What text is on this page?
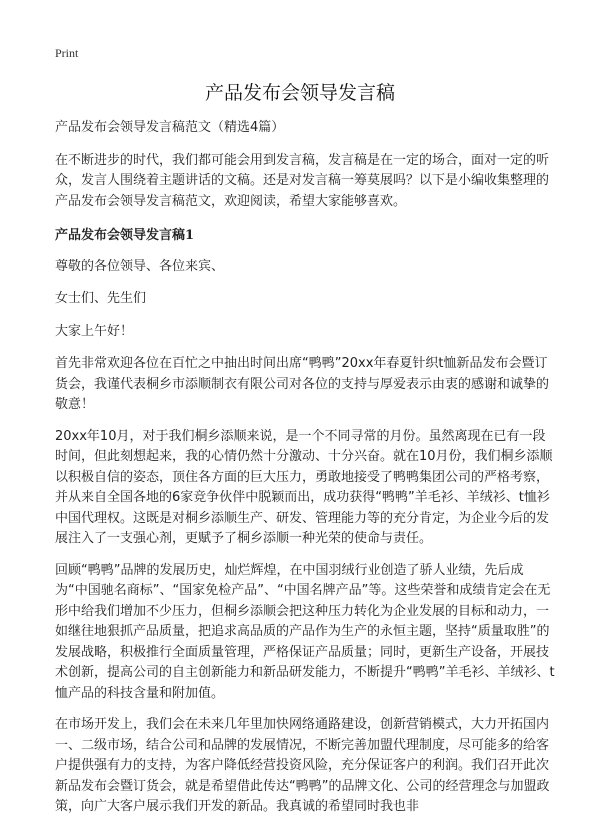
Print
产品发布会领导发言稿

产品发布会领导发言稿范文（精选4篇）

在不断进步的时代，我们都可能会用到发言稿，发言稿是在一定的场合，面对一定的听众，发言人围绕着主题讲话的文稿。还是对发言稿一筹莫展吗？以下是小编收集整理的产品发布会领导发言稿范文，欢迎阅读，希望大家能够喜欢。

产品发布会领导发言稿1

尊敬的各位领导、各位来宾、

女士们、先生们

大家上午好！

首先非常欢迎各位在百忙之中抽出时间出席“鸭鸭”20xx年春夏针织t恤新品发布会暨订货会，我谨代表桐乡市添顺制衣有限公司对各位的支持与厚爱表示由衷的感谢和诚挚的敬意！

20xx年10月，对于我们桐乡添顺来说，是一个不同寻常的月份。虽然离现在已有一段时间，但此刻想起来，我的心情仍然十分激动、十分兴奋。就在10月份，我们桐乡添顺以积极自信的姿态，顶住各方面的巨大压力，勇敢地接受了鸭鸭集团公司的严格考察，并从来自全国各地的6家竞争伙伴中脱颖而出，成功获得“鸭鸭”羊毛衫、羊绒衫、t恤衫中国代理权。这既是对桐乡添顺生产、研发、管理能力等的充分肯定，为企业今后的发展注入了一支强心剂，更赋予了桐乡添顺一种光荣的使命与责任。

回顾“鸭鸭”品牌的发展历史，灿烂辉煌，在中国羽绒行业创造了骄人业绩，先后成为“中国驰名商标”、“国家免检产品”、“中国名牌产品”等。这些荣誉和成绩肯定会在无形中给我们增加不少压力，但桐乡添顺会把这种压力转化为企业发展的目标和动力，一如继往地狠抓产品质量，把追求高品质的产品作为生产的永恒主题，坚持“质量取胜”的发展战略，积极推行全面质量管理，严格保证产品质量；同时，更新生产设备，开展技术创新，提高公司的自主创新能力和新品研发能力，不断提升“鸭鸭”羊毛衫、羊绒衫、t恤产品的科技含量和附加值。

在市场开发上，我们会在未来几年里加快网络通路建设，创新营销模式，大力开拓国内一、二级市场，结合公司和品牌的发展情况，不断完善加盟代理制度，尽可能多的给客户提供强有力的支持，为客户降低经营投资风险，充分保证客户的利润。我们召开此次新品发布会暨订货会，就是希望借此传达“鸭鸭”的品牌文化、公司的经营理念与加盟政策，向广大客户展示我们开发的新品。我真诚的希望同时我也非
